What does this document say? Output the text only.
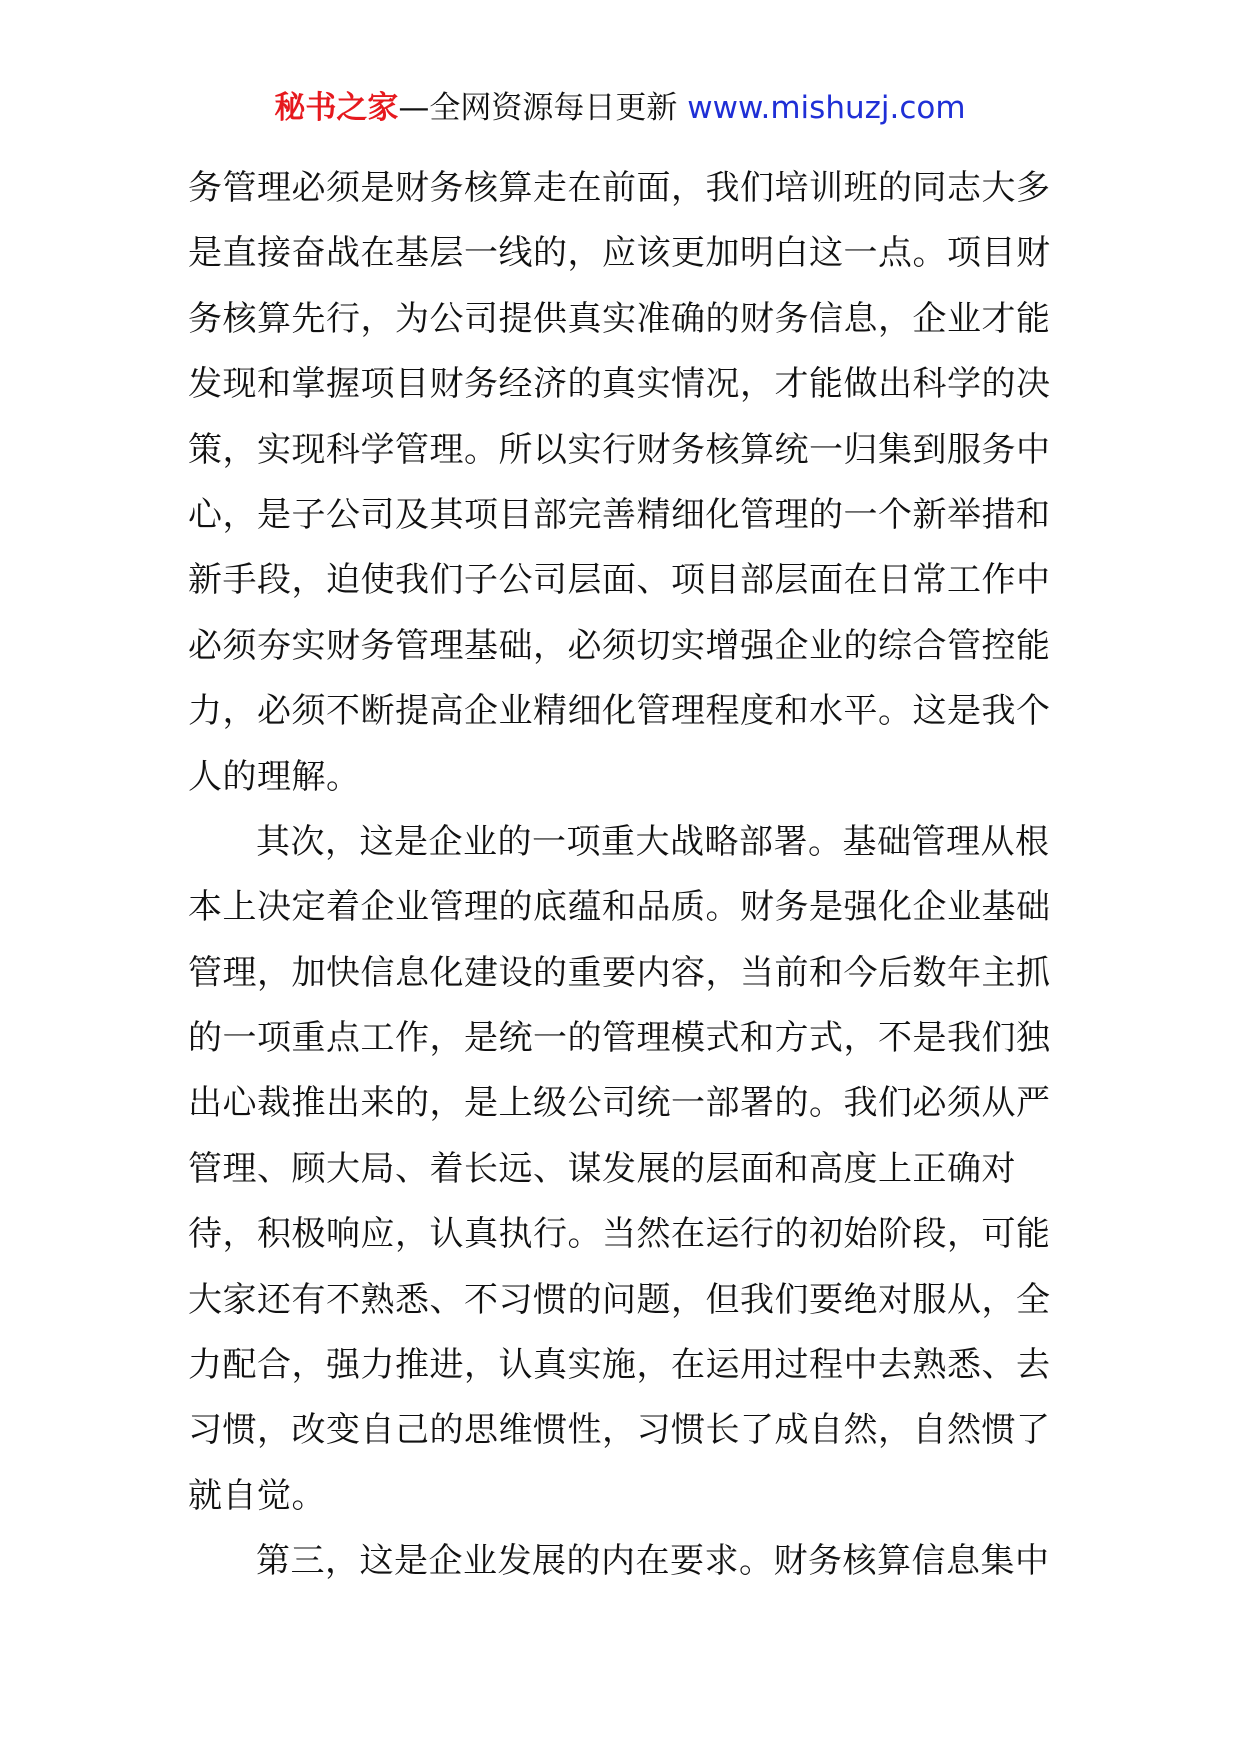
秘书之家—全网资源每日更新 www.mishuzj.com
务管理必须是财务核算走在前面，我们培训班的同志大多
是直接奋战在基层一线的，应该更加明白这一点。项目财
务核算先行，为公司提供真实准确的财务信息，企业才能
发现和掌握项目财务经济的真实情况，才能做出科学的决
策，实现科学管理。所以实行财务核算统一归集到服务中
心，是子公司及其项目部完善精细化管理的一个新举措和
新手段，迫使我们子公司层面、项目部层面在日常工作中
必须夯实财务管理基础，必须切实增强企业的综合管控能
力，必须不断提高企业精细化管理程度和水平。这是我个
人的理解。
其次，这是企业的一项重大战略部署。基础管理从根
本上决定着企业管理的底蕴和品质。财务是强化企业基础
管理，加快信息化建设的重要内容，当前和今后数年主抓
的一项重点工作，是统一的管理模式和方式，不是我们独
出心裁推出来的，是上级公司统一部署的。我们必须从严
管理、顾大局、着长远、谋发展的层面和高度上正确对
待，积极响应，认真执行。当然在运行的初始阶段，可能
大家还有不熟悉、不习惯的问题，但我们要绝对服从，全
力配合，强力推进，认真实施，在运用过程中去熟悉、去
习惯，改变自己的思维惯性，习惯长了成自然，自然惯了
就自觉。
第三，这是企业发展的内在要求。财务核算信息集中
